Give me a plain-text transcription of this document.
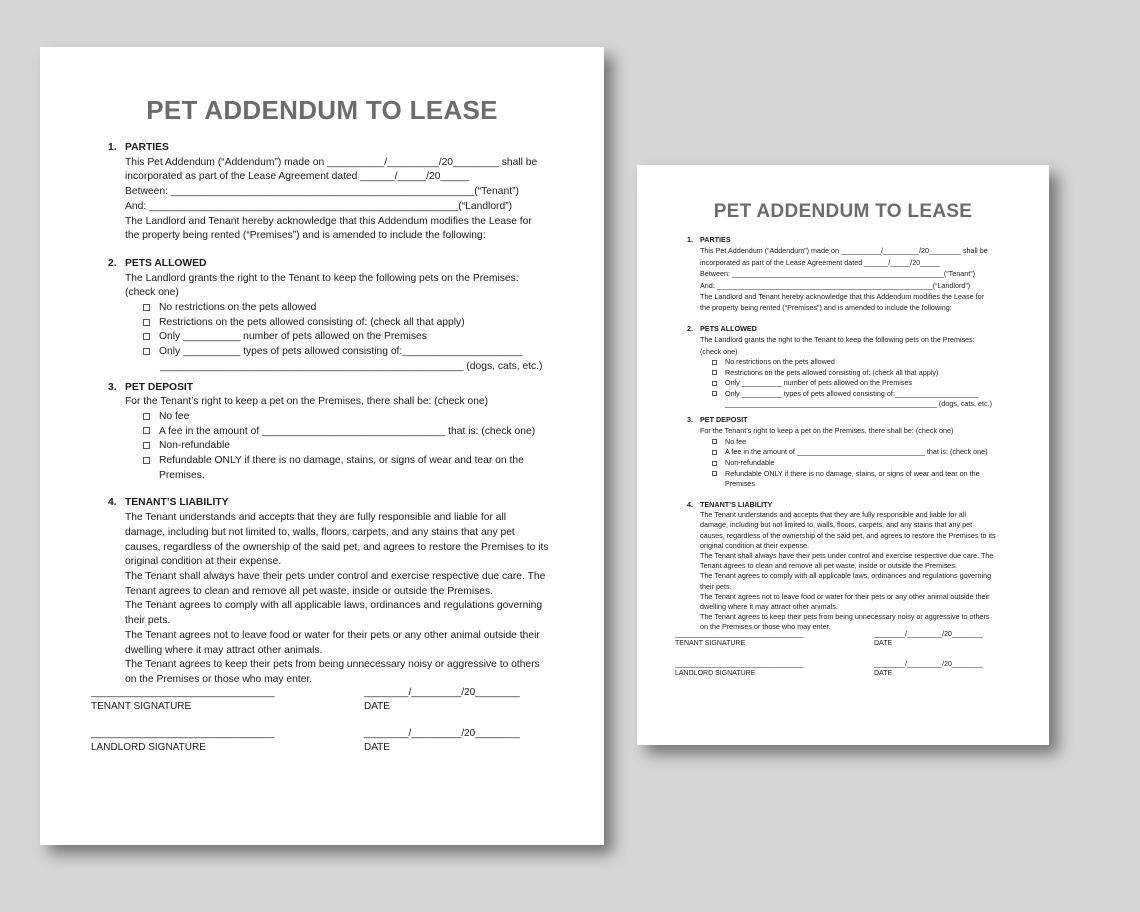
PET ADDENDUM TO LEASE

1. PARTIES

This Pet Addendum (“Addendum”) made on __________/_________/20________ shall be

incorporated as part of the Lease Agreement dated ______/_____/20_____

Between: _____________________________________________________(“Tenant”)

And: ______________________________________________________(“Landlord”)

The Landlord and Tenant hereby acknowledge that this Addendum modifies the Lease for

the property being rented (“Premises”) and is amended to include the following:

2. PETS ALLOWED

The Landlord grants the right to the Tenant to keep the following pets on the Premises:

(check one)

No restrictions on the pets allowed

Restrictions on the pets allowed consisting of: (check all that apply)

Only __________ number of pets allowed on the Premises

Only __________ types of pets allowed consisting of:_____________________

_____________________________________________________ (dogs, cats, etc.)

3. PET DEPOSIT

For the Tenant’s right to keep a pet on the Premises, there shall be: (check one)

No fee

A fee in the amount of ________________________________ that is: (check one)

Non-refundable

Refundable ONLY if there is no damage, stains, or signs of wear and tear on the

Premises.

4. TENANT’S LIABILITY

The Tenant understands and accepts that they are fully responsible and liable for all

damage, including but not limited to, walls, floors, carpets, and any stains that any pet

causes, regardless of the ownership of the said pet, and agrees to restore the Premises to its

original condition at their expense.

The Tenant shall always have their pets under control and exercise respective due care. The

Tenant agrees to clean and remove all pet waste, inside or outside the Premises.

The Tenant agrees to comply with all applicable laws, ordinances and regulations governing

their pets.

The Tenant agrees not to leave food or water for their pets or any other animal outside their

dwelling where it may attract other animals.

The Tenant agrees to keep their pets from being unnecessary noisy or aggressive to others

on the Premises or those who may enter.

_________________________________
TENANT SIGNATURE
________/_________/20________
DATE
_________________________________
LANDLORD SIGNATURE
________/_________/20________
DATE
PET ADDENDUM TO LEASE

1. PARTIES

This Pet Addendum (“Addendum”) made on __________/_________/20________ shall be

incorporated as part of the Lease Agreement dated ______/_____/20_____

Between: _____________________________________________________(“Tenant”)

And: ______________________________________________________(“Landlord”)

The Landlord and Tenant hereby acknowledge that this Addendum modifies the Lease for

the property being rented (“Premises”) and is amended to include the following:

2. PETS ALLOWED

The Landlord grants the right to the Tenant to keep the following pets on the Premises:

(check one)

No restrictions on the pets allowed

Restrictions on the pets allowed consisting of: (check all that apply)

Only __________ number of pets allowed on the Premises

Only __________ types of pets allowed consisting of:_____________________

_____________________________________________________ (dogs, cats, etc.)

3. PET DEPOSIT

For the Tenant’s right to keep a pet on the Premises, there shall be: (check one)

No fee

A fee in the amount of ________________________________ that is: (check one)

Non-refundable

Refundable ONLY if there is no damage, stains, or signs of wear and tear on the

Premises.

4. TENANT’S LIABILITY

The Tenant understands and accepts that they are fully responsible and liable for all

damage, including but not limited to, walls, floors, carpets, and any stains that any pet

causes, regardless of the ownership of the said pet, and agrees to restore the Premises to its

original condition at their expense.

The Tenant shall always have their pets under control and exercise respective due care. The

Tenant agrees to clean and remove all pet waste, inside or outside the Premises.

The Tenant agrees to comply with all applicable laws, ordinances and regulations governing

their pets.

The Tenant agrees not to leave food or water for their pets or any other animal outside their

dwelling where it may attract other animals.

The Tenant agrees to keep their pets from being unnecessary noisy or aggressive to others

on the Premises or those who may enter.

_________________________________
TENANT SIGNATURE
________/_________/20________
DATE
_________________________________
LANDLORD SIGNATURE
________/_________/20________
DATE
